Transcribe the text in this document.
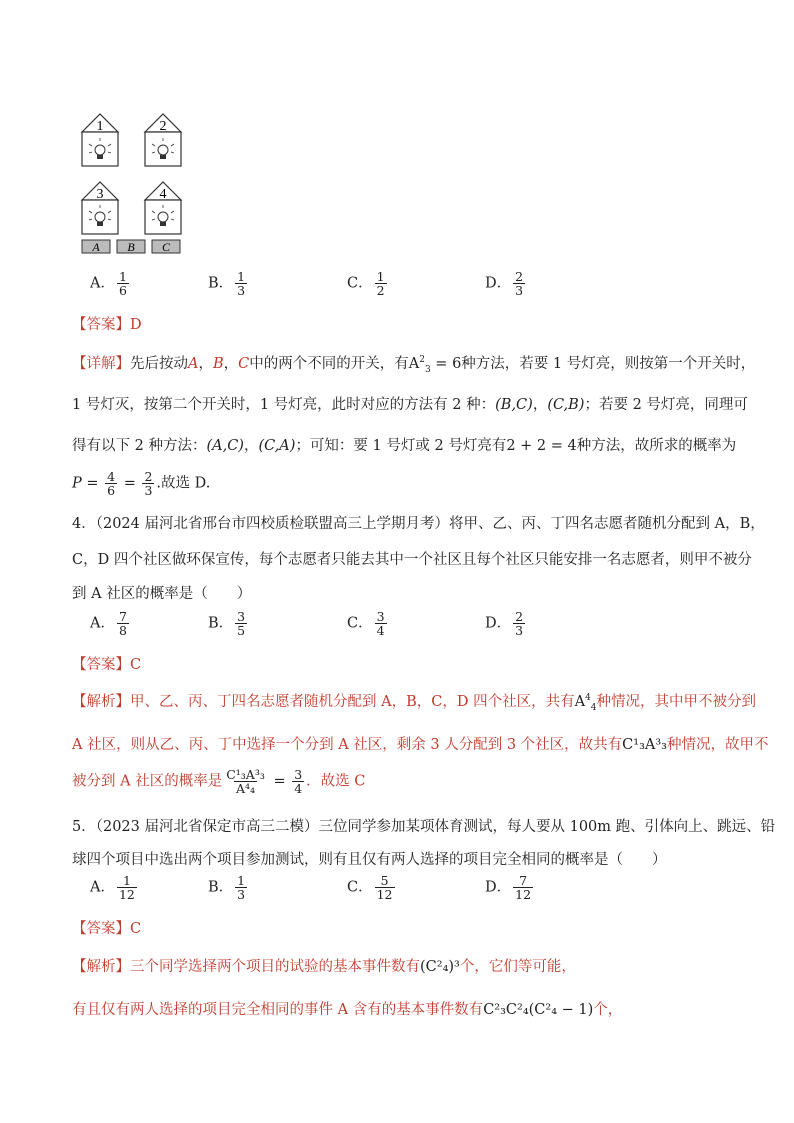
1	2
3	4
A B C
A． $\frac{1}{6}$	B． $\frac{1}{3}$	C． $\frac{1}{2}$	D． $\frac{2}{3}$
【答案】D
【详解】先后按动A，B，C中的两个不同的开关，有$A^2_3 = 6$种方法，若要 1 号灯亮，则按第一个开关时，
1 号灯灭，按第二个开关时，1 号灯亮，此时对应的方法有 2 种：(B,C)，(C,B)；若要 2 号灯亮，同理可
得有以下 2 种方法：(A,C)，(C,A)；可知：要 1 号灯或 2 号灯亮有2 + 2 = 4种方法，故所求的概率为
$P = \frac{4}{6} = \frac{2}{3}$ .故选 D.
4．（2024 届河北省邢台市四校质检联盟高三上学期月考）将甲、乙、丙、丁四名志愿者随机分配到 A，B，
C，D 四个社区做环保宣传，每个志愿者只能去其中一个社区且每个社区只能安排一名志愿者，则甲不被分
到 A 社区的概率是（　　）
A． $\frac{7}{8}$	B． $\frac{3}{5}$	C． $\frac{3}{4}$	D． $\frac{2}{3}$
【答案】C
【解析】甲、乙、丙、丁四名志愿者随机分配到 A，B，C，D 四个社区，共有$A^4_4$种情况，其中甲不被分到
A 社区，则从乙、丙、丁中选择一个分到 A 社区，剩余 3 人分配到 3 个社区，故共有C¹₃A³₃种情况，故甲不
被分到 A 社区的概率是 $\frac{\text{C¹₃A³₃}}{\text{A⁴₄}} = \frac{3}{4}$ ．故选 C
5．（2023 届河北省保定市高三二模）三位同学参加某项体育测试，每人要从 100m 跑、引体向上、跳远、铅
球四个项目中选出两个项目参加测试，则有且仅有两人选择的项目完全相同的概率是（　　）
A． $\frac{1}{12}$	B． $\frac{1}{3}$	C． $\frac{5}{12}$	D． $\frac{7}{12}$
【答案】C
【解析】三个同学选择两个项目的试验的基本事件数有(C²₄)³个，它们等可能，
有且仅有两人选择的项目完全相同的事件 A 含有的基本事件数有C²₃C²₄(C²₄ − 1)个，
